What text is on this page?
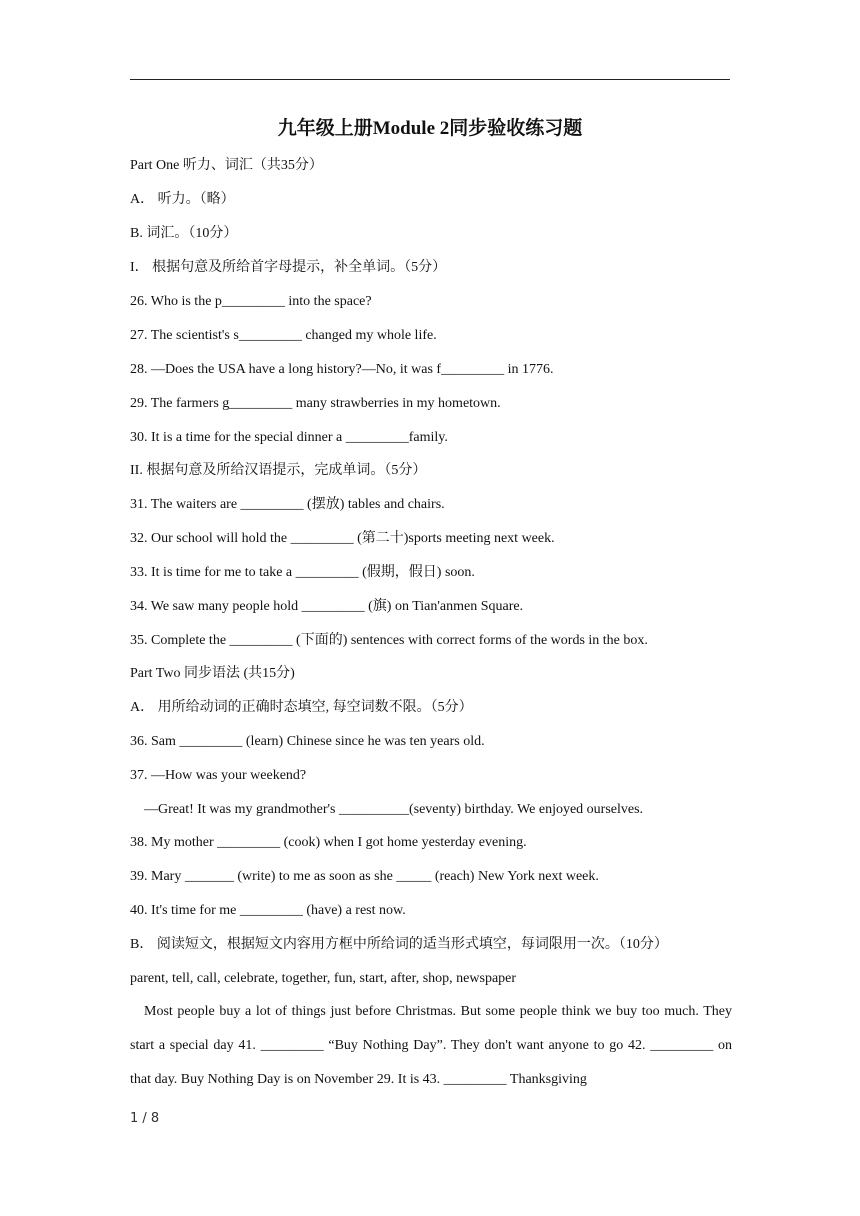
九年级上册Module 2同步验收练习题
Part One 听力、词汇（共35分）
A． 听力。（略）
B. 词汇。（10分）
I． 根据句意及所给首字母提示，补全单词。（5分）
26. Who is the p_________ into the space?
27. The scientist's s_________ changed my whole life.
28. —Does the USA have a long history?—No, it was f_________ in 1776.
29. The farmers g_________ many strawberries in my hometown.
30. It is a time for the special dinner a _________family.
II. 根据句意及所给汉语提示，完成单词。（5分）
31. The waiters are _________ (摆放) tables and chairs.
32. Our school will hold the _________ (第二十)sports meeting next week.
33. It is time for me to take a _________ (假期，假日) soon.
34. We saw many people hold _________ (旗) on Tian'anmen Square.
35. Complete the _________ (下面的) sentences with correct forms of the words in the box.
Part Two 同步语法 (共15分)
A． 用所给动词的正确时态填空, 每空词数不限。（5分）
36. Sam _________ (learn) Chinese since he was ten years old.
37. —How was your weekend?
—Great! It was my grandmother's __________(seventy) birthday. We enjoyed ourselves.
38. My mother _________ (cook) when I got home yesterday evening.
39. Mary _______ (write) to me as soon as she _____ (reach) New York next week.
40. It's time for me _________ (have) a rest now.
B． 阅读短文，根据短文内容用方框中所给词的适当形式填空，每词限用一次。（10分）
parent, tell, call, celebrate, together, fun, start, after, shop, newspaper
Most people buy a lot of things just before Christmas. But some people think we buy too much. They start a special day 41. _________ “Buy Nothing Day”. They don't want anyone to go 42. _________ on that day. Buy Nothing Day is on November 29. It is 43. _________ Thanksgiving
1 / 8
